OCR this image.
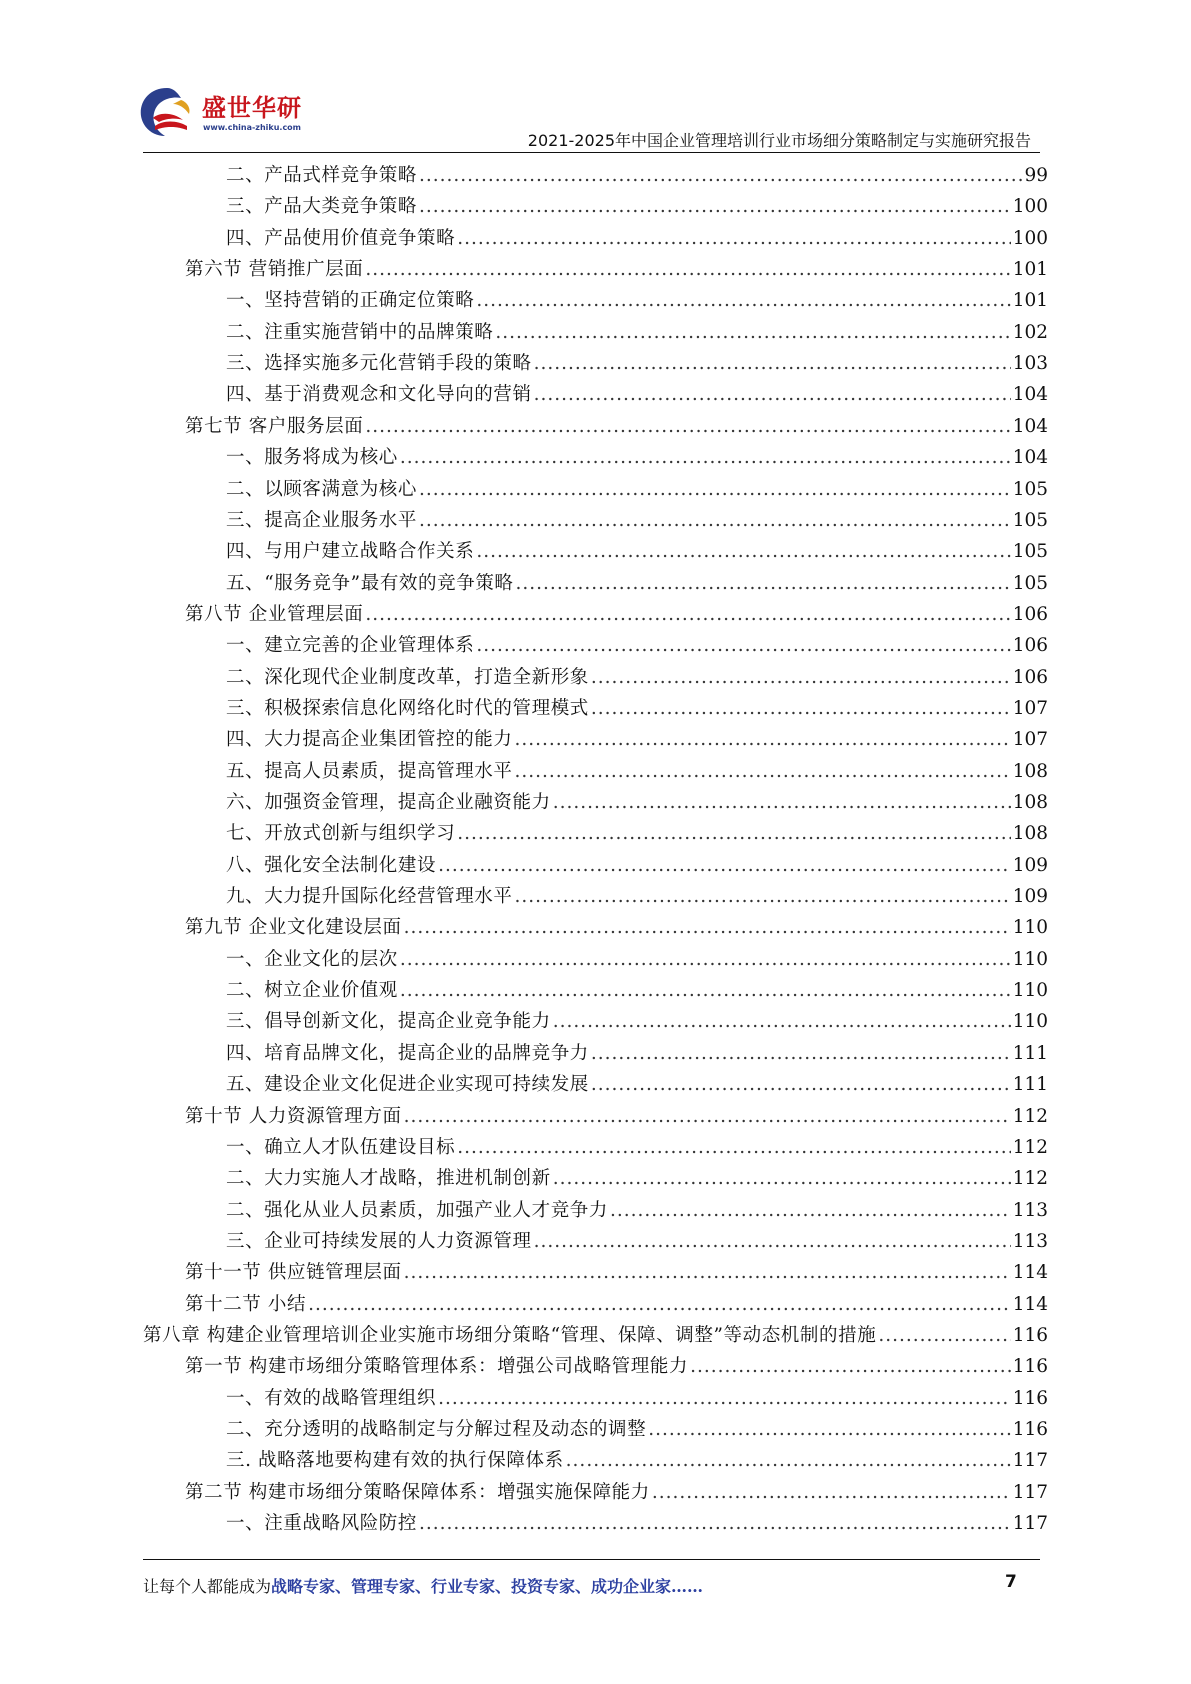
盛世华研
www.china-zhiku.com
2021-2025年中国企业管理培训行业市场细分策略制定与实施研究报告
二、产品式样竞争策略 .....	99
三、产品大类竞争策略 .....	100
四、产品使用价值竞争策略 .....	100
第六节 营销推广层面 .....	101
一、坚持营销的正确定位策略 .....	101
二、注重实施营销中的品牌策略 .....	102
三、选择实施多元化营销手段的策略 .....	103
四、基于消费观念和文化导向的营销 .....	104
第七节 客户服务层面 .....	104
一、服务将成为核心 .....	104
二、以顾客满意为核心 .....	105
三、提高企业服务水平 .....	105
四、与用户建立战略合作关系 .....	105
五、“服务竞争”最有效的竞争策略 .....	105
第八节 企业管理层面 .....	106
一、建立完善的企业管理体系 .....	106
二、深化现代企业制度改革，打造全新形象 .....	106
三、积极探索信息化网络化时代的管理模式 .....	107
四、大力提高企业集团管控的能力 .....	107
五、提高人员素质，提高管理水平 .....	108
六、加强资金管理，提高企业融资能力 .....	108
七、开放式创新与组织学习 .....	108
八、强化安全法制化建设 .....	109
九、大力提升国际化经营管理水平 .....	109
第九节 企业文化建设层面 .....	110
一、企业文化的层次 .....	110
二、树立企业价值观 .....	110
三、倡导创新文化，提高企业竞争能力 .....	110
四、培育品牌文化，提高企业的品牌竞争力 .....	111
五、建设企业文化促进企业实现可持续发展 .....	111
第十节 人力资源管理方面 .....	112
一、确立人才队伍建设目标 .....	112
二、大力实施人才战略，推进机制创新 .....	112
二、强化从业人员素质，加强产业人才竞争力 .....	113
三、企业可持续发展的人力资源管理 .....	113
第十一节 供应链管理层面 .....	114
第十二节 小结 .....	114
第八章 构建企业管理培训企业实施市场细分策略“管理、保障、调整”等动态机制的措施 .....	116
第一节 构建市场细分策略管理体系：增强公司战略管理能力 .....	116
一、有效的战略管理组织 .....	116
二、充分透明的战略制定与分解过程及动态的调整 .....	116
三. 战略落地要构建有效的执行保障体系 .....	117
第二节 构建市场细分策略保障体系：增强实施保障能力 .....	117
一、注重战略风险防控 .....	117
让每个人都能成为战略专家、管理专家、行业专家、投资专家、成功企业家……	7
